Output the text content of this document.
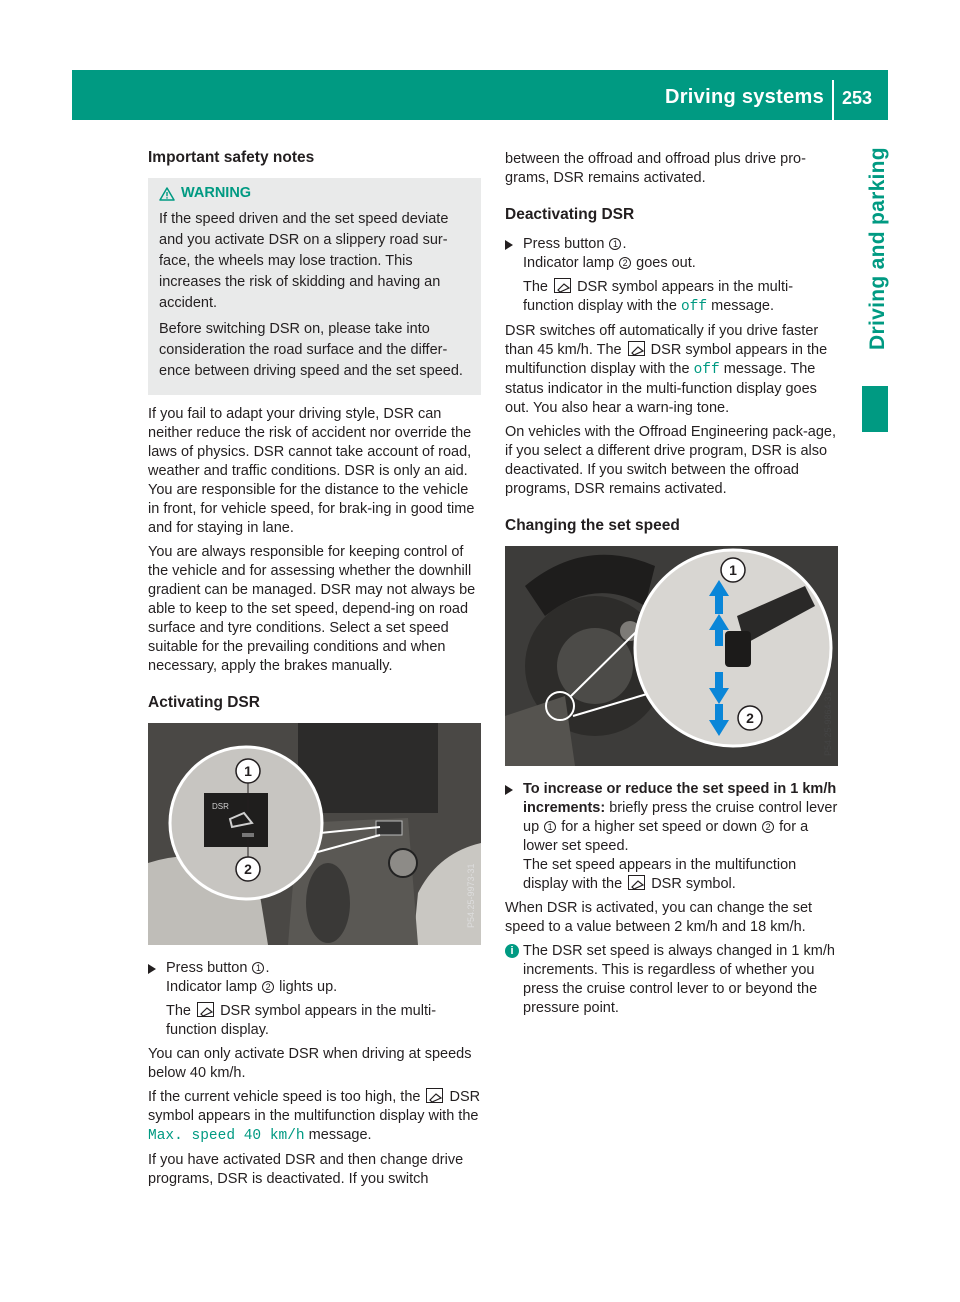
Driving systems 253
Driving and parking
Important safety notes
WARNING

If the speed driven and the set speed deviate and you activate DSR on a slippery road sur-face, the wheels may lose traction. This increases the risk of skidding and having an accident.

Before switching DSR on, please take into consideration the road surface and the differ-ence between driving speed and the set speed.

If you fail to adapt your driving style, DSR can neither reduce the risk of accident nor override the laws of physics. DSR cannot take account of road, weather and traffic conditions. DSR is only an aid. You are responsible for the distance to the vehicle in front, for vehicle speed, for brak-ing in good time and for staying in lane.

You are always responsible for keeping control of the vehicle and for assessing whether the downhill gradient can be managed. DSR may not always be able to keep to the set speed, depend-ing on road surface and tyre conditions. Select a set speed suitable for the prevailing conditions and when necessary, apply the brakes manually.

Activating DSR
DSR
1
2	P54.25-9973-31
Press button 1 .
Indicator lamp 2 lights up.

The DSR symbol appears in the multi-function display.

You can only activate DSR when driving at speeds below 40 km/h.

If the current vehicle speed is too high, the DSR symbol appears in the multifunction display with the Max. speed 40 km/h message.

If you have activated DSR and then change drive programs, DSR is deactivated. If you switch

between the offroad and offroad plus drive pro-grams, DSR remains activated.

Deactivating DSR
Press button 1 .
Indicator lamp 2 goes out.

The DSR symbol appears in the multi-function display with the off message.

DSR switches off automatically if you drive faster than 45 km/h. The DSR symbol appears in the multifunction display with the off message. The status indicator in the multi-function display goes out. You also hear a warn-ing tone.

On vehicles with the Offroad Engineering pack-age, if you select a different drive program, DSR is also deactivated. If you switch between the offroad programs, DSR remains activated.

Changing the set speed
1
2	P54.25-9864-31
To increase or reduce the set speed in 1 km/h increments: briefly press the cruise control lever up 1 for a higher set speed or down 2 for a lower set speed.
The set speed appears in the multifunction display with the DSR symbol.

When DSR is activated, you can change the set speed to a value between 2 km/h and 18 km/h.

i The DSR set speed is always changed in 1 km/h increments. This is regardless of whether you press the cruise control lever to or beyond the pressure point.
